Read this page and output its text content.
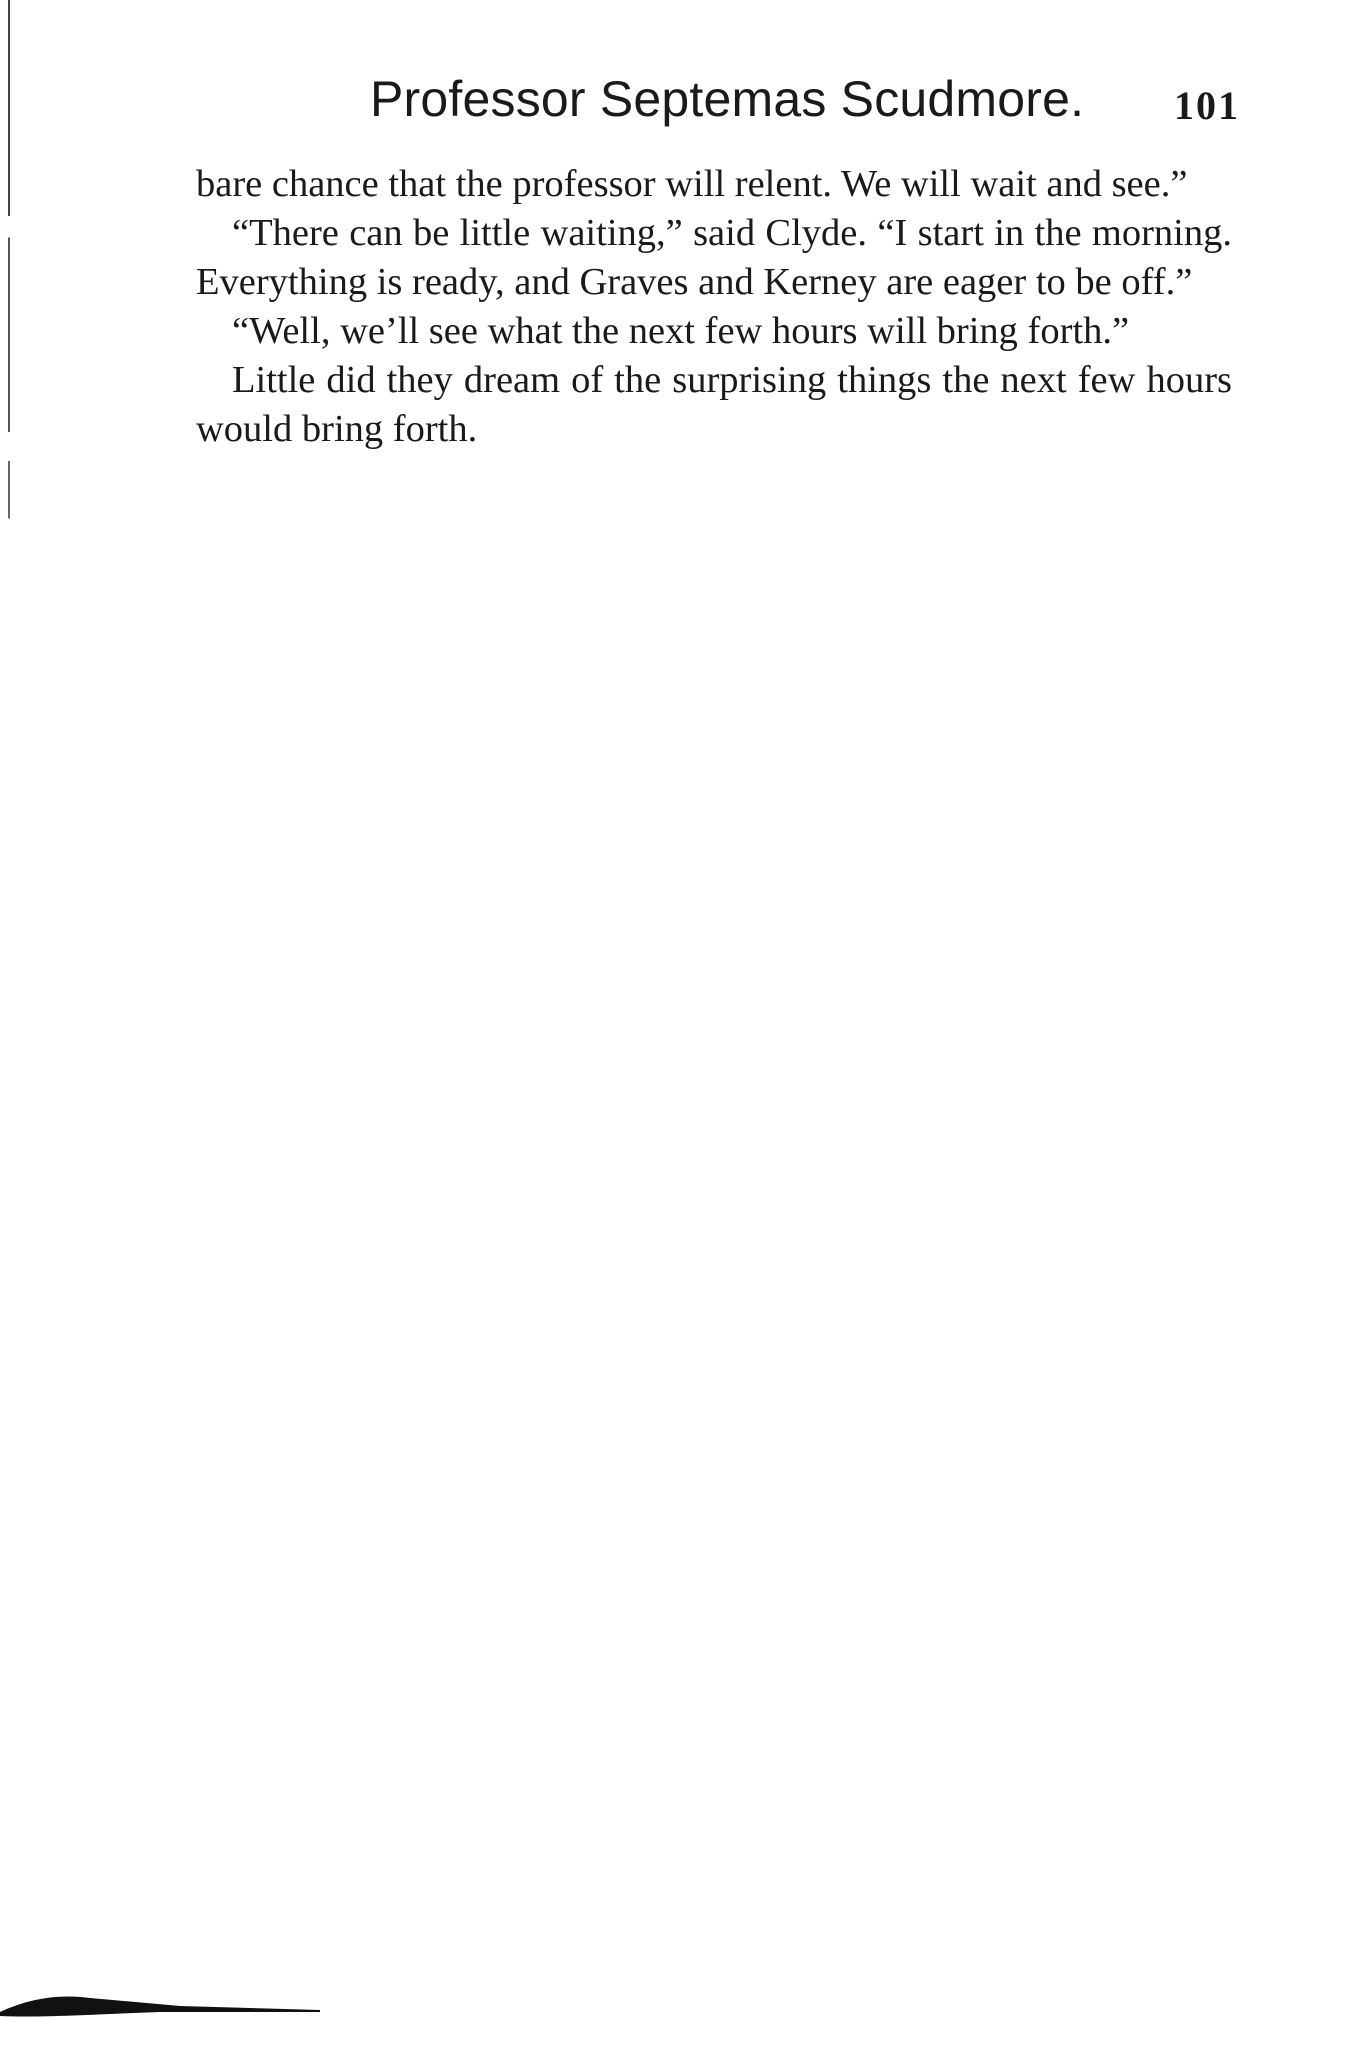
Professor Septemas Scudmore. 101

bare chance that the professor will relent. We will wait and see.”

“There can be little waiting,” said Clyde. “I start in the morning. Everything is ready, and Graves and Kerney are eager to be off.”

“Well, we’ll see what the next few hours will bring forth.”

Little did they dream of the surprising things the next few hours would bring forth.
